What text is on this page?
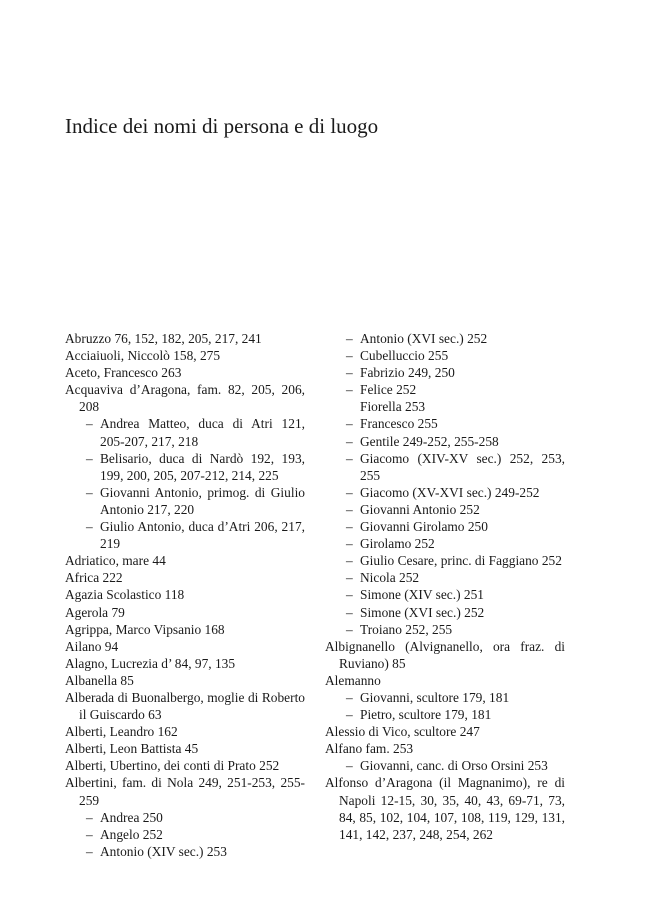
Indice dei nomi di persona e di luogo
Abruzzo 76, 152, 182, 205, 217, 241
Acciaiuoli, Niccolò 158, 275
Aceto, Francesco 263
Acquaviva d’Aragona, fam. 82, 205, 206, 208
– Andrea Matteo, duca di Atri 121, 205-207, 217, 218
– Belisario, duca di Nardò 192, 193, 199, 200, 205, 207-212, 214, 225
– Giovanni Antonio, primog. di Giulio Antonio 217, 220
– Giulio Antonio, duca d’Atri 206, 217, 219
Adriatico, mare 44
Africa 222
Agazia Scolastico 118
Agerola 79
Agrippa, Marco Vipsanio 168
Ailano 94
Alagno, Lucrezia d’ 84, 97, 135
Albanella 85
Alberada di Buonalbergo, moglie di Roberto il Guiscardo 63
Alberti, Leandro 162
Alberti, Leon Battista 45
Alberti, Ubertino, dei conti di Prato 252
Albertini, fam. di Nola 249, 251-253, 255-259
– Andrea 250
– Angelo 252
– Antonio (XIV sec.) 253
– Antonio (XVI sec.) 252
– Cubelluccio 255
– Fabrizio 249, 250
– Felice 252
Fiorella 253
– Francesco 255
– Gentile 249-252, 255-258
– Giacomo (XIV-XV sec.) 252, 253, 255
– Giacomo (XV-XVI sec.) 249-252
– Giovanni Antonio 252
– Giovanni Girolamo 250
– Girolamo 252
– Giulio Cesare, princ. di Faggiano 252
– Nicola 252
– Simone (XIV sec.) 251
– Simone (XVI sec.) 252
– Troiano 252, 255
Albignanello (Alvignanello, ora fraz. di Ruviano) 85
Alemanno
– Giovanni, scultore 179, 181
– Pietro, scultore 179, 181
Alessio di Vico, scultore 247
Alfano fam. 253
– Giovanni, canc. di Orso Orsini 253
Alfonso d’Aragona (il Magnanimo), re di Napoli 12-15, 30, 35, 40, 43, 69-71, 73, 84, 85, 102, 104, 107, 108, 119, 129, 131, 141, 142, 237, 248, 254, 262
